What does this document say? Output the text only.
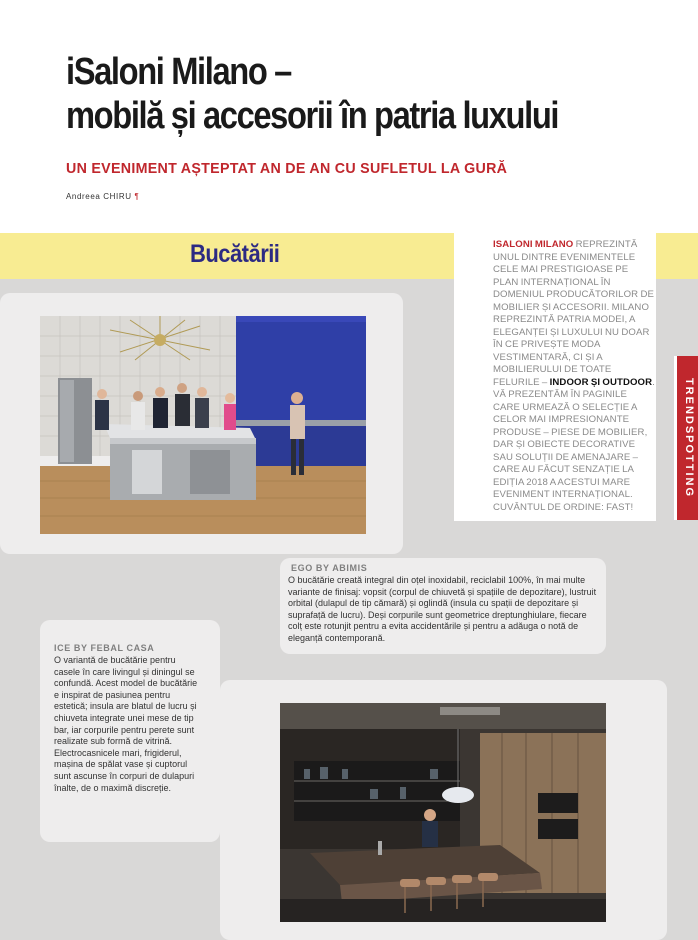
iSaloni Milano –
mobilă și accesorii în patria luxului
UN EVENIMENT AȘTEPTAT AN DE AN CU SUFLETUL LA GURĂ
Andreea CHIRU ¶
Bucătării	ISALONI MILANO REPREZINTĂ UNUL DINTRE EVENIMENTELE CELE MAI PRESTIGIOASE PE PLAN INTERNAȚIONAL ÎN DOMENIUL PRODUCĂTORILOR DE MOBILIER ȘI ACCESORII. MILANO REPREZINTĂ PATRIA MODEI, A ELEGANȚEI ȘI LUXULUI NU DOAR ÎN CE PRIVEȘTE MODA VESTIMENTARĂ, CI ȘI A MOBILIERULUI DE TOATE FELURILE – INDOOR ȘI OUTDOOR. VĂ PREZENTĂM ÎN PAGINILE CARE URMEAZĂ O SELECȚIE A CELOR MAI IMPRESIONANTE PRODUSE – PIESE DE MOBILIER, DAR ȘI OBIECTE DECORATIVE SAU SOLUȚII DE AMENAJARE – CARE AU FĂCUT SENZAȚIE LA EDIȚIA 2018 A ACESTUI MARE EVENIMENT INTERNAȚIONAL. CUVÂNTUL DE ORDINE: FAST!
TRENDSPOTTING
EGO BY ABIMIS
O bucătărie creată integral din oțel inoxidabil, reciclabil 100%, în mai multe variante de finisaj: vopsit (corpul de chiuvetă și spațiile de depozitare), lustruit orbital (dulapul de tip cămară) și oglindă (insula cu spații de depozitare și suprafață de lucru). Deși corpurile sunt geometrice dreptunghiulare, fiecare colț este rotunjit pentru a evita accidentările și pentru a adăuga o notă de eleganță contemporană.
ICE BY FEBAL CASA
O variantă de bucătărie pentru casele în care livingul și diningul se confundă. Acest model de bucătărie e inspirat de pasiunea pentru estetică; insula are blatul de lucru și chiuveta integrate unei mese de tip bar, iar corpurile pentru perete sunt realizate sub formă de vitrină. Electrocasnicele mari, frigiderul, mașina de spălat vase și cuptorul sunt ascunse în corpuri de dulapuri înalte, de o maximă discreție.
